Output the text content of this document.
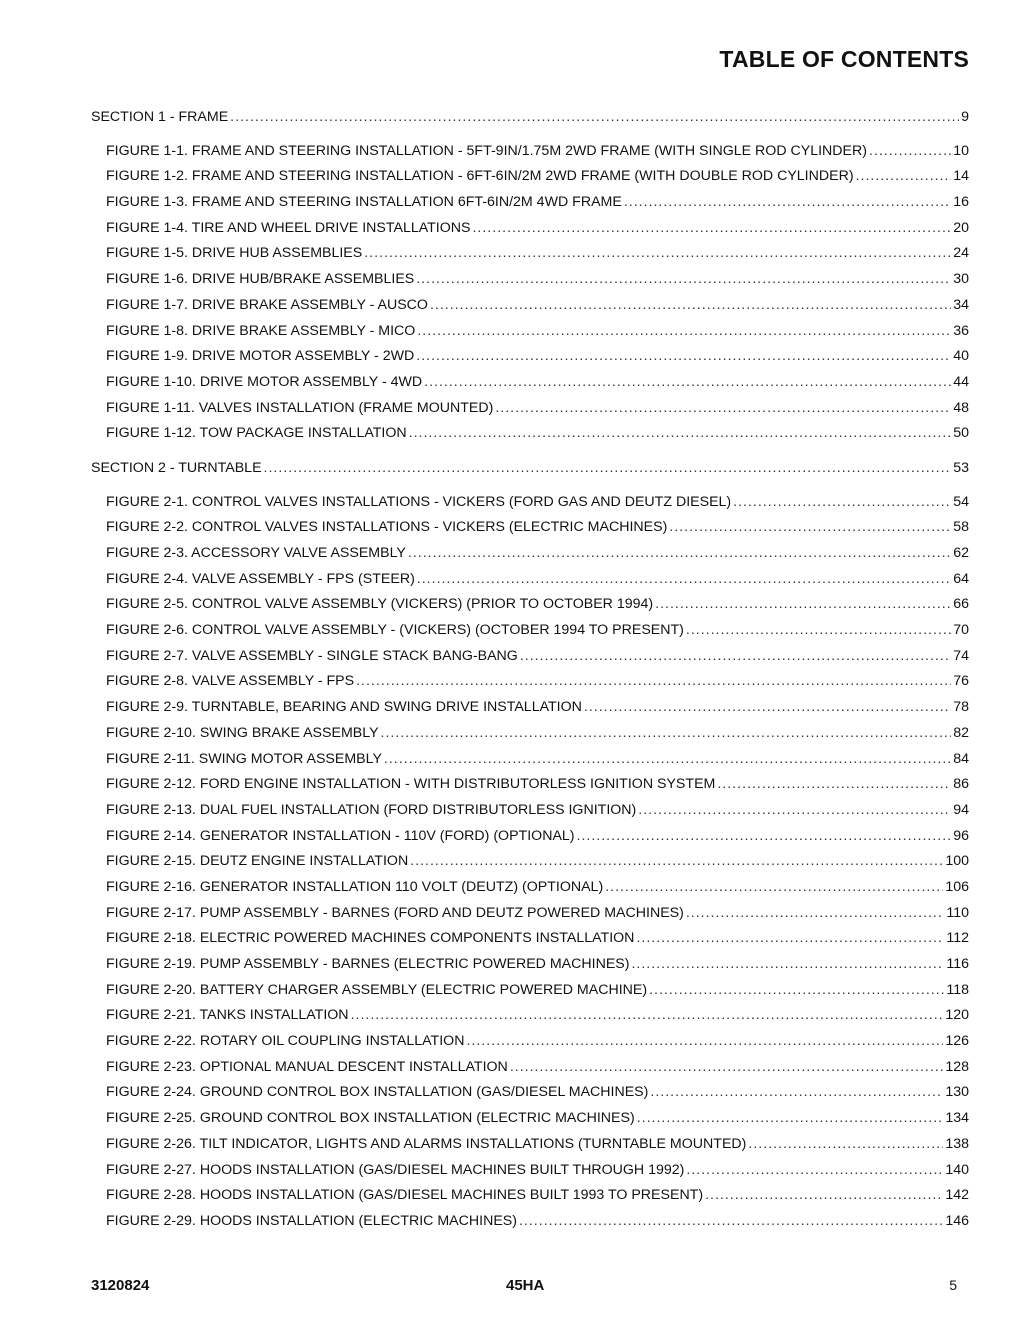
TABLE OF CONTENTS
SECTION 1 - FRAME .....	9
FIGURE 1-1. FRAME AND STEERING INSTALLATION - 5FT-9IN/1.75M 2WD FRAME (WITH SINGLE ROD CYLINDER) .....	10
FIGURE 1-2. FRAME AND STEERING INSTALLATION - 6FT-6IN/2M 2WD FRAME (WITH DOUBLE ROD CYLINDER) .....	14
FIGURE 1-3. FRAME AND STEERING INSTALLATION 6FT-6IN/2M 4WD FRAME .....	16
FIGURE 1-4. TIRE AND WHEEL DRIVE INSTALLATIONS .....	20
FIGURE 1-5. DRIVE HUB ASSEMBLIES .....	24
FIGURE 1-6. DRIVE HUB/BRAKE ASSEMBLIES .....	30
FIGURE 1-7. DRIVE BRAKE ASSEMBLY - AUSCO .....	34
FIGURE 1-8. DRIVE BRAKE ASSEMBLY - MICO .....	36
FIGURE 1-9. DRIVE MOTOR ASSEMBLY - 2WD .....	40
FIGURE 1-10. DRIVE MOTOR ASSEMBLY - 4WD .....	44
FIGURE 1-11. VALVES INSTALLATION (FRAME MOUNTED) .....	48
FIGURE 1-12. TOW PACKAGE INSTALLATION .....	50
SECTION 2 - TURNTABLE .....	53
FIGURE 2-1. CONTROL VALVES INSTALLATIONS - VICKERS (FORD GAS AND DEUTZ DIESEL) .....	54
FIGURE 2-2. CONTROL VALVES INSTALLATIONS - VICKERS (ELECTRIC MACHINES) .....	58
FIGURE 2-3. ACCESSORY VALVE ASSEMBLY .....	62
FIGURE 2-4. VALVE ASSEMBLY - FPS (STEER) .....	64
FIGURE 2-5. CONTROL VALVE ASSEMBLY (VICKERS) (PRIOR TO OCTOBER 1994) .....	66
FIGURE 2-6. CONTROL VALVE ASSEMBLY - (VICKERS) (OCTOBER 1994 TO PRESENT) .....	70
FIGURE 2-7. VALVE ASSEMBLY - SINGLE STACK BANG-BANG .....	74
FIGURE 2-8. VALVE ASSEMBLY - FPS .....	76
FIGURE 2-9. TURNTABLE, BEARING AND SWING DRIVE INSTALLATION .....	78
FIGURE 2-10. SWING BRAKE ASSEMBLY .....	82
FIGURE 2-11. SWING MOTOR ASSEMBLY .....	84
FIGURE 2-12. FORD ENGINE INSTALLATION - WITH DISTRIBUTORLESS IGNITION SYSTEM .....	86
FIGURE 2-13. DUAL FUEL INSTALLATION (FORD DISTRIBUTORLESS IGNITION) .....	94
FIGURE 2-14. GENERATOR INSTALLATION - 110V (FORD) (OPTIONAL) .....	96
FIGURE 2-15. DEUTZ ENGINE INSTALLATION .....	100
FIGURE 2-16. GENERATOR INSTALLATION 110 VOLT (DEUTZ) (OPTIONAL) .....	106
FIGURE 2-17. PUMP ASSEMBLY - BARNES (FORD AND DEUTZ POWERED MACHINES) .....	110
FIGURE 2-18. ELECTRIC POWERED MACHINES COMPONENTS INSTALLATION .....	112
FIGURE 2-19. PUMP ASSEMBLY - BARNES (ELECTRIC POWERED MACHINES) .....	116
FIGURE 2-20. BATTERY CHARGER ASSEMBLY (ELECTRIC POWERED MACHINE) .....	118
FIGURE 2-21. TANKS INSTALLATION .....	120
FIGURE 2-22. ROTARY OIL COUPLING INSTALLATION .....	126
FIGURE 2-23. OPTIONAL MANUAL DESCENT INSTALLATION .....	128
FIGURE 2-24. GROUND CONTROL BOX INSTALLATION (GAS/DIESEL MACHINES) .....	130
FIGURE 2-25. GROUND CONTROL BOX INSTALLATION (ELECTRIC MACHINES) .....	134
FIGURE 2-26. TILT INDICATOR, LIGHTS AND ALARMS INSTALLATIONS (TURNTABLE MOUNTED) .....	138
FIGURE 2-27. HOODS INSTALLATION (GAS/DIESEL MACHINES BUILT THROUGH 1992) .....	140
FIGURE 2-28. HOODS INSTALLATION (GAS/DIESEL MACHINES BUILT 1993 TO PRESENT) .....	142
FIGURE 2-29. HOODS INSTALLATION (ELECTRIC MACHINES) .....	146
3120824	45HA	5
